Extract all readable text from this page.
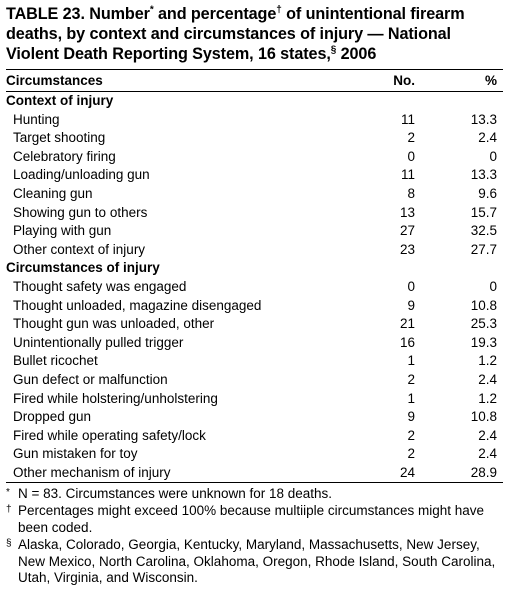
TABLE 23. Number* and percentage† of unintentional firearm deaths, by context and circumstances of injury — National Violent Death Reporting System, 16 states,§ 2006
Circumstances	No.	%
Context of injury
Hunting	11	13.3
Target shooting	2	2.4
Celebratory firing	0	0
Loading/unloading gun	11	13.3
Cleaning gun	8	9.6
Showing gun to others	13	15.7
Playing with gun	27	32.5
Other context of injury	23	27.7
Circumstances of injury
Thought safety was engaged	0	0
Thought unloaded, magazine disengaged	9	10.8
Thought gun was unloaded, other	21	25.3
Unintentionally pulled trigger	16	19.3
Bullet ricochet	1	1.2
Gun defect or malfunction	2	2.4
Fired while holstering/unholstering	1	1.2
Dropped gun	9	10.8
Fired while operating safety/lock	2	2.4
Gun mistaken for toy	2	2.4
Other mechanism of injury	24	28.9
* N = 83. Circumstances were unknown for 18 deaths.
† Percentages might exceed 100% because multiiple circumstances might have been coded.
§ Alaska, Colorado, Georgia, Kentucky, Maryland, Massachusetts, New Jersey, New Mexico, North Carolina, Oklahoma, Oregon, Rhode Island, South Carolina, Utah, Virginia, and Wisconsin.
